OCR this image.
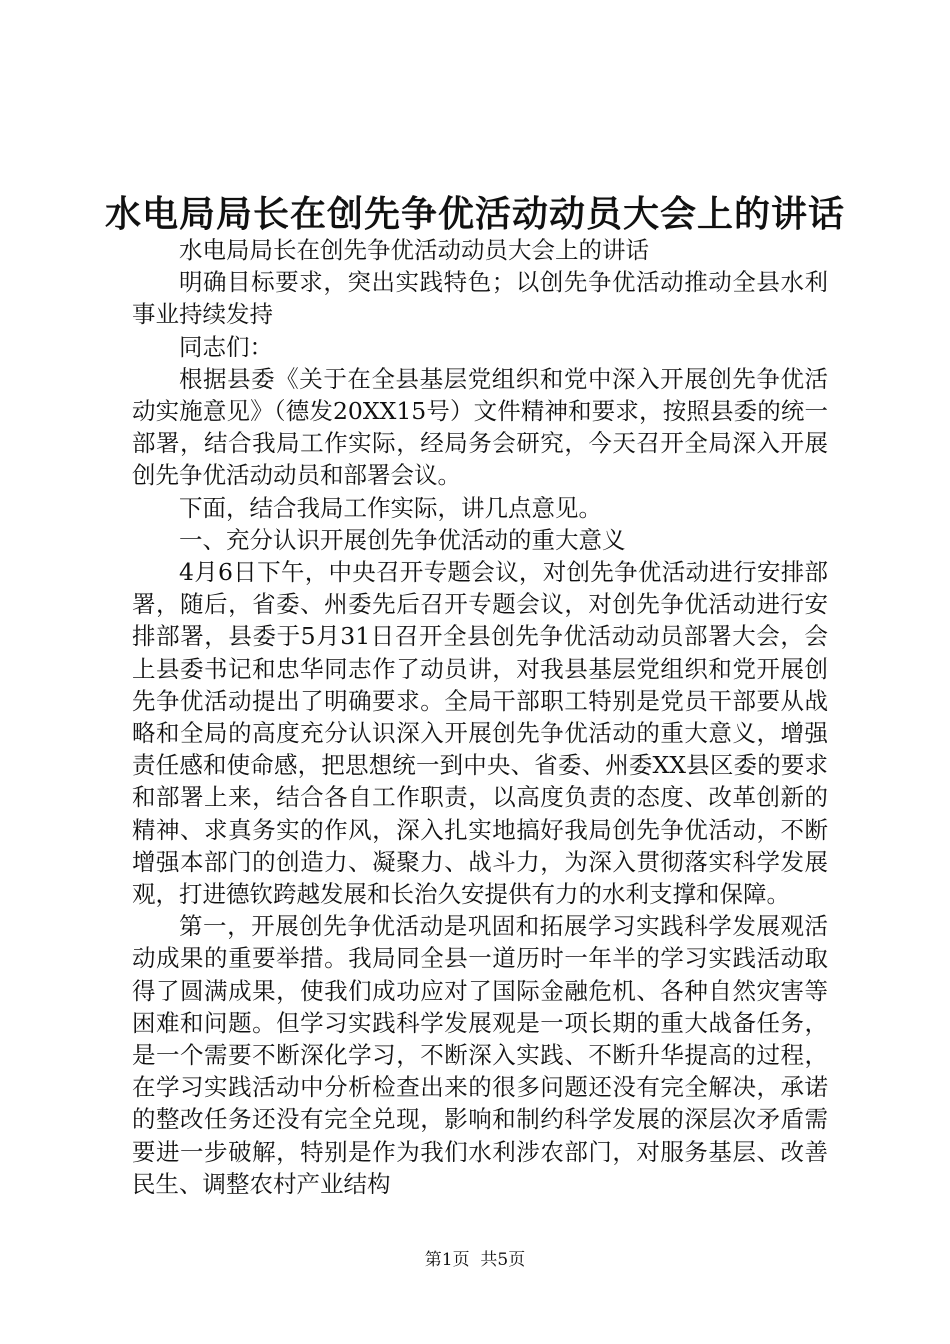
水电局局长在创先争优活动动员大会上的讲话

水电局局长在创先争优活动动员大会上的讲话

明确目标要求，突出实践特色；以创先争优活动推动全县水利事业持续发持

同志们：

根据县委《关于在全县基层党组织和党中深入开展创先争优活动实施意见》（德发20XX15号）文件精神和要求，按照县委的统一部署，结合我局工作实际，经局务会研究，今天召开全局深入开展创先争优活动动员和部署会议。

下面，结合我局工作实际，讲几点意见。

一、充分认识开展创先争优活动的重大意义

4月6日下午，中央召开专题会议，对创先争优活动进行安排部署，随后，省委、州委先后召开专题会议，对创先争优活动进行安排部署，县委于5月31日召开全县创先争优活动动员部署大会，会上县委书记和忠华同志作了动员讲，对我县基层党组织和党开展创先争优活动提出了明确要求。全局干部职工特别是党员干部要从战略和全局的高度充分认识深入开展创先争优活动的重大意义，增强责任感和使命感，把思想统一到中央、省委、州委XX县区委的要求和部署上来，结合各自工作职责，以高度负责的态度、改革创新的精神、求真务实的作风，深入扎实地搞好我局创先争优活动，不断增强本部门的创造力、凝聚力、战斗力，为深入贯彻落实科学发展观，打进德钦跨越发展和长治久安提供有力的水利支撑和保障。

第一，开展创先争优活动是巩固和拓展学习实践科学发展观活动成果的重要举措。我局同全县一道历时一年半的学习实践活动取得了圆满成果，使我们成功应对了国际金融危机、各种自然灾害等困难和问题。但学习实践科学发展观是一项长期的重大战备任务，是一个需要不断深化学习，不断深入实践、不断升华提高的过程，在学习实践活动中分析检查出来的很多问题还没有完全解决，承诺的整改任务还没有完全兑现，影响和制约科学发展的深层次矛盾需要进一步破解，特别是作为我们水利涉农部门，对服务基层、改善民生、调整农村产业结构

第1页  共5页
